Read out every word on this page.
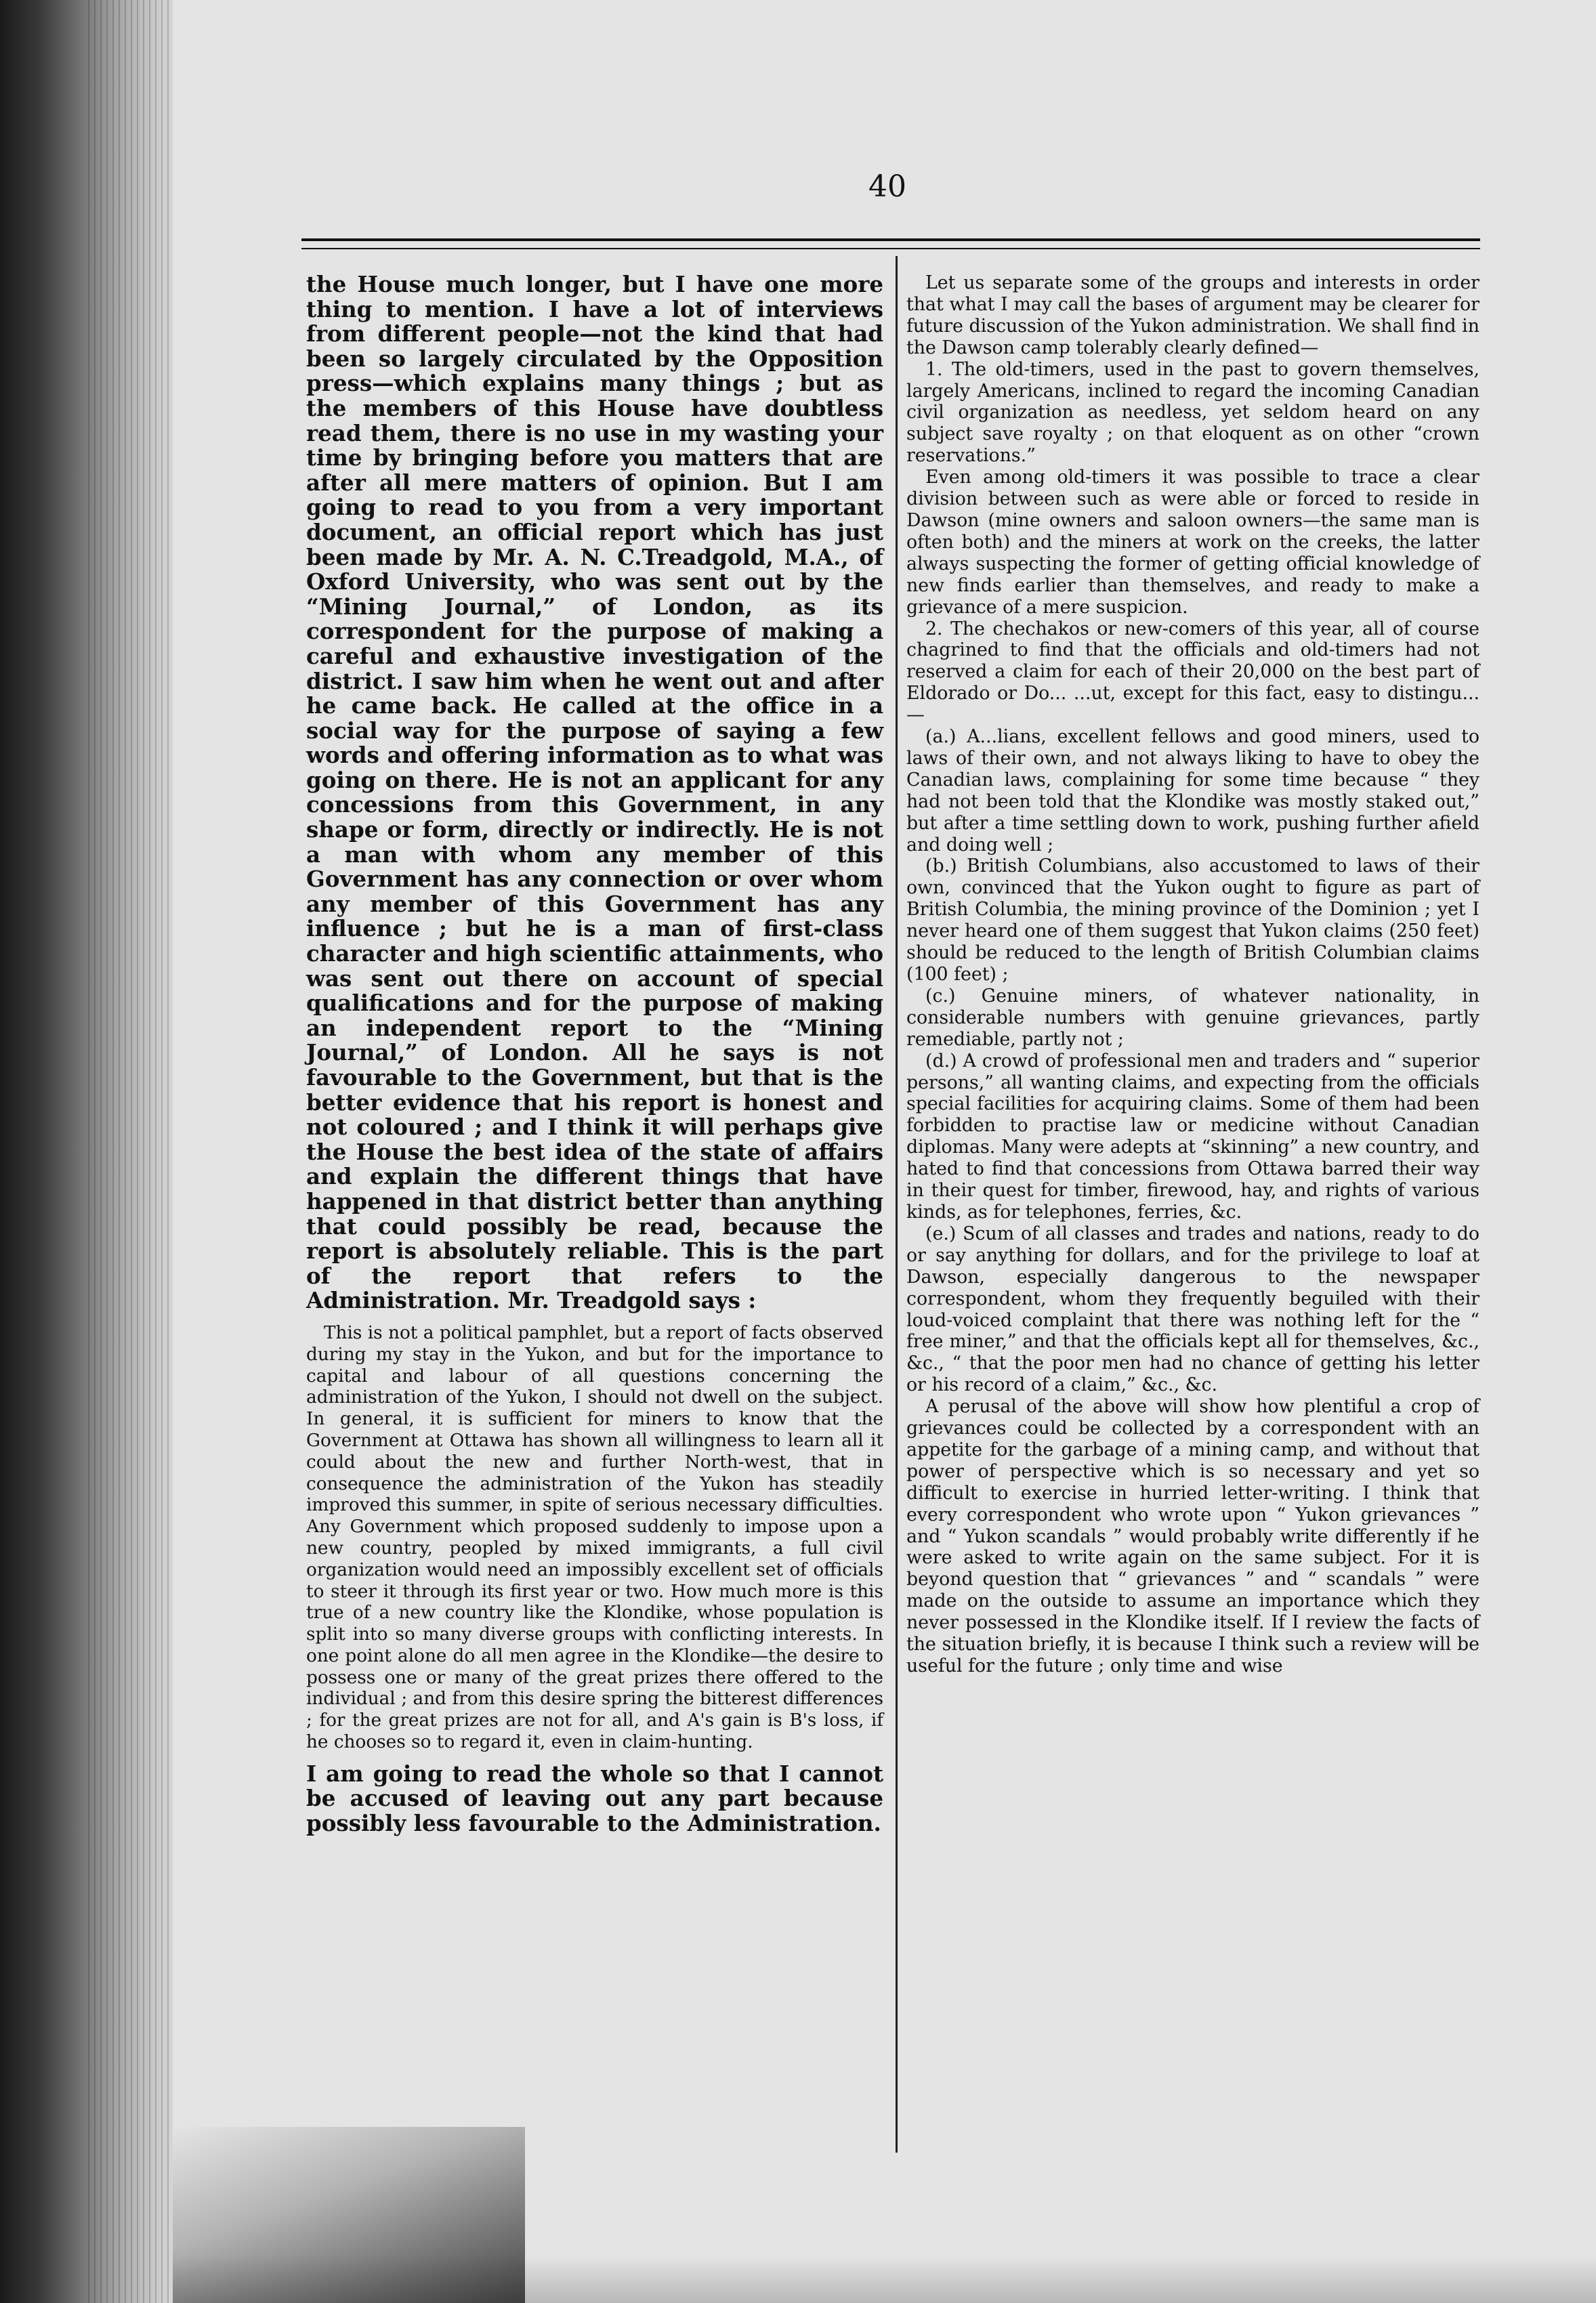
40

the House much longer, but I have one more thing to mention. I have a lot of interviews from different people—not the kind that had been so largely circulated by the Opposition press—which explains many things ; but as the members of this House have doubtless read them, there is no use in my wasting your time by bringing before you matters that are after all mere matters of opinion. But I am going to read to you from a very important document, an official report which has just been made by Mr. A. N. C.Treadgold, M.A., of Oxford University, who was sent out by the “Mining Journal,” of London, as its correspondent for the purpose of making a careful and exhaustive investigation of the district. I saw him when he went out and after he came back. He called at the office in a social way for the purpose of saying a few words and offering information as to what was going on there. He is not an applicant for any concessions from this Government, in any shape or form, directly or indirectly. He is not a man with whom any member of this Government has any connection or over whom any member of this Government has any influence ; but he is a man of first-class character and high scientific attainments, who was sent out there on account of special qualifications and for the purpose of making an independent report to the “Mining Journal,” of London. All he says is not favourable to the Government, but that is the better evidence that his report is honest and not coloured ; and I think it will perhaps give the House the best idea of the state of affairs and explain the different things that have happened in that district better than anything that could possibly be read, because the report is absolutely reliable. This is the part of the report that refers to the Administration. Mr. Treadgold says :

This is not a political pamphlet, but a report of facts observed during my stay in the Yukon, and but for the importance to capital and labour of all questions concerning the administration of the Yukon, I should not dwell on the subject. In general, it is sufficient for miners to know that the Government at Ottawa has shown all willingness to learn all it could about the new and further North-west, that in consequence the administration of the Yukon has steadily improved this summer, in spite of serious necessary difficulties. Any Government which proposed suddenly to impose upon a new country, peopled by mixed immigrants, a full civil organization would need an impossibly excellent set of officials to steer it through its first year or two. How much more is this true of a new country like the Klondike, whose population is split into so many diverse groups with conflicting interests. In one point alone do all men agree in the Klondike—the desire to possess one or many of the great prizes there offered to the individual ; and from this desire spring the bitterest differences ; for the great prizes are not for all, and A's gain is B's loss, if he chooses so to regard it, even in claim-hunting.

I am going to read the whole so that I cannot be accused of leaving out any part because possibly less favourable to the Administration.

Let us separate some of the groups and interests in order that what I may call the bases of argument may be clearer for future discussion of the Yukon administration. We shall find in the Dawson camp tolerably clearly defined—
1. The old-timers, used in the past to govern themselves, largely Americans, inclined to regard the incoming Canadian civil organization as needless, yet seldom heard on any subject save royalty ; on that eloquent as on other “crown reservations.”
Even among old-timers it was possible to trace a clear division between such as were able or forced to reside in Dawson (mine owners and saloon owners—the same man is often both) and the miners at work on the creeks, the latter always suspecting the former of getting official knowledge of new finds earlier than themselves, and ready to make a grievance of a mere suspicion.
2. The chechakos or new-comers of this year, all of course chagrined to find that the officials and old-timers had not reserved a claim for each of their 20,000 on the best part of Eldorado or Do... ...ut, except for this fact, easy to distingu...—
(a.) A...lians, excellent fellows and good miners, used to laws of their own, and not always liking to have to obey the Canadian laws, complaining for some time because “ they had not been told that the Klondike was mostly staked out,” but after a time settling down to work, pushing further afield and doing well ;
(b.) British Columbians, also accustomed to laws of their own, convinced that the Yukon ought to figure as part of British Columbia, the mining province of the Dominion ; yet I never heard one of them suggest that Yukon claims (250 feet) should be reduced to the length of British Columbian claims (100 feet) ;
(c.) Genuine miners, of whatever nationality, in considerable numbers with genuine grievances, partly remediable, partly not ;
(d.) A crowd of professional men and traders and “ superior persons,” all wanting claims, and expecting from the officials special facilities for acquiring claims. Some of them had been forbidden to practise law or medicine without Canadian diplomas. Many were adepts at “skinning” a new country, and hated to find that concessions from Ottawa barred their way in their quest for timber, firewood, hay, and rights of various kinds, as for telephones, ferries, &c.
(e.) Scum of all classes and trades and nations, ready to do or say anything for dollars, and for the privilege to loaf at Dawson, especially dangerous to the newspaper correspondent, whom they frequently beguiled with their loud-voiced complaint that there was nothing left for the “ free miner,” and that the officials kept all for themselves, &c., &c., “ that the poor men had no chance of getting his letter or his record of a claim,” &c., &c.
A perusal of the above will show how plentiful a crop of grievances could be collected by a correspondent with an appetite for the garbage of a mining camp, and without that power of perspective which is so necessary and yet so difficult to exercise in hurried letter-writing. I think that every correspondent who wrote upon “ Yukon grievances ” and “ Yukon scandals ” would probably write differently if he were asked to write again on the same subject. For it is beyond question that “ grievances ” and “ scandals ” were made on the outside to assume an importance which they never possessed in the Klondike itself. If I review the facts of the situation briefly, it is because I think such a review will be useful for the future ; only time and wise
